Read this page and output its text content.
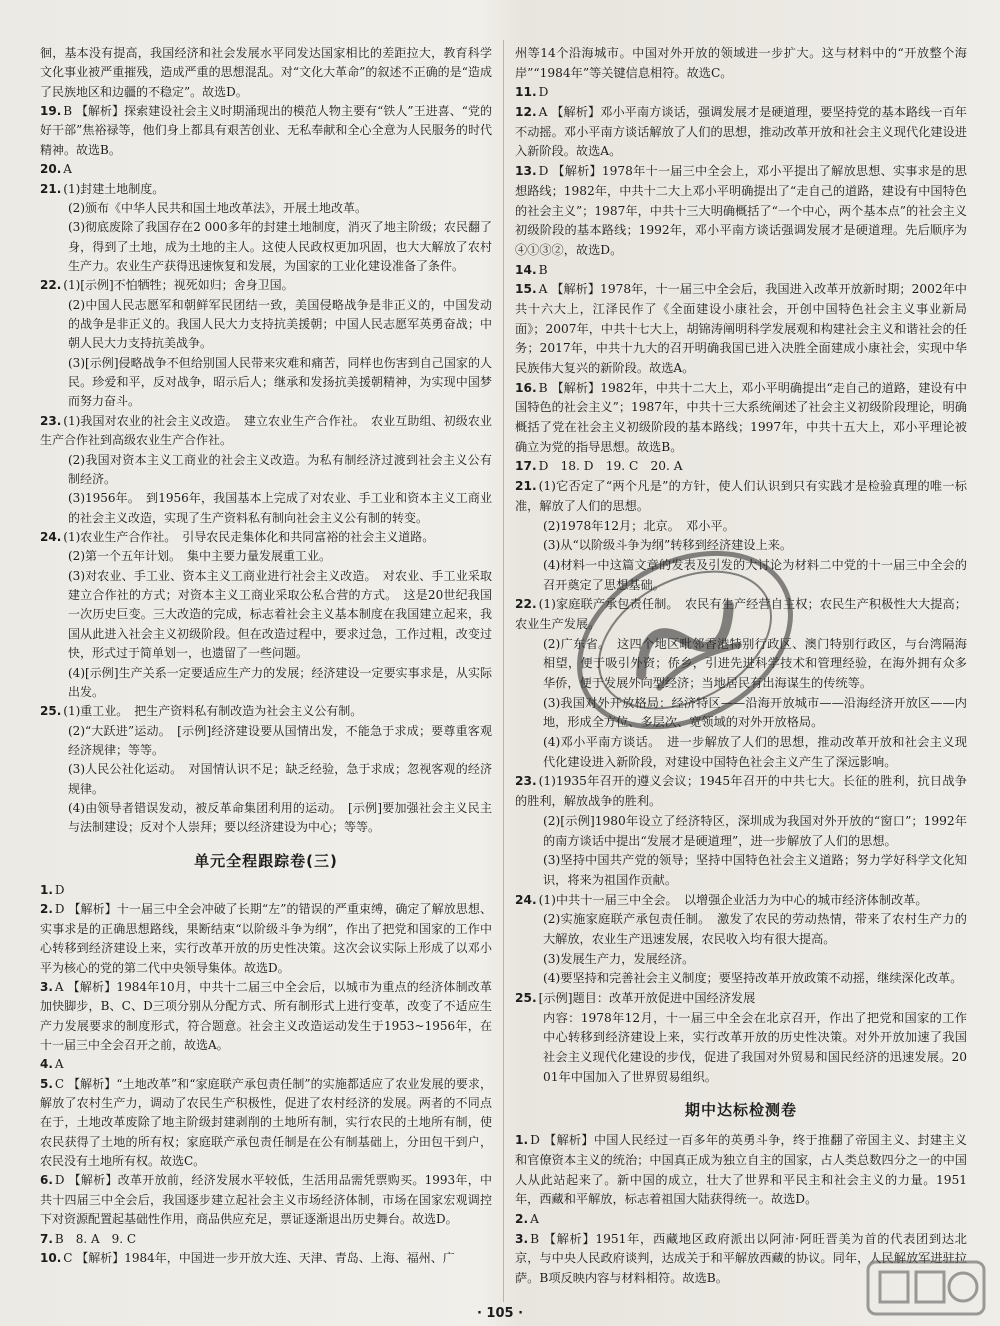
徊，基本没有提高，我国经济和社会发展水平同发达国家相比的差距拉大，教育科学文化事业被严重摧残，造成严重的思想混乱。对“文化大革命”的叙述不正确的是“造成了民族地区和边疆的不稳定”。故选D。

19. B 【解析】探索建设社会主义时期涌现出的模范人物主要有“铁人”王进喜、“党的好干部”焦裕禄等，他们身上都具有艰苦创业、无私奉献和全心全意为人民服务的时代精神。故选B。

20. A

21. (1)封建土地制度。

(2)颁布《中华人民共和国土地改革法》，开展土地改革。

(3)彻底废除了我国存在2 000多年的封建土地制度，消灭了地主阶级；农民翻了身，得到了土地，成为土地的主人。这使人民政权更加巩固，也大大解放了农村生产力。农业生产获得迅速恢复和发展，为国家的工业化建设准备了条件。

22. (1)[示例]不怕牺牲；视死如归；舍身卫国。

(2)中国人民志愿军和朝鲜军民团结一致，美国侵略战争是非正义的，中国发动的战争是非正义的。我国人民大力支持抗美援朝；中国人民志愿军英勇奋战；中朝人民大力支持抗美战争。

(3)[示例]侵略战争不但给别国人民带来灾难和痛苦，同样也伤害到自己国家的人民。珍爱和平，反对战争，昭示后人；继承和发扬抗美援朝精神，为实现中国梦而努力奋斗。

23. (1)我国对农业的社会主义改造。　建立农业生产合作社。　农业互助组、初级农业生产合作社到高级农业生产合作社。

(2)我国对资本主义工商业的社会主义改造。为私有制经济过渡到社会主义公有制经济。

(3)1956年。　到1956年，我国基本上完成了对农业、手工业和资本主义工商业的社会主义改造，实现了生产资料私有制向社会主义公有制的转变。

24. (1)农业生产合作社。　引导农民走集体化和共同富裕的社会主义道路。

(2)第一个五年计划。　集中主要力量发展重工业。

(3)对农业、手工业、资本主义工商业进行社会主义改造。　对农业、手工业采取建立合作社的方式；对资本主义工商业采取公私合营的方式。　这是20世纪我国一次历史巨变。三大改造的完成，标志着社会主义基本制度在我国建立起来，我国从此进入社会主义初级阶段。但在改造过程中，要求过急，工作过粗，改变过快，形式过于简单划一，也遗留了一些问题。

(4)[示例]生产关系一定要适应生产力的发展；经济建设一定要实事求是，从实际出发。

25. (1)重工业。　把生产资料私有制改造为社会主义公有制。

(2)“大跃进”运动。　[示例]经济建设要从国情出发，不能急于求成；要尊重客观经济规律；等等。

(3)人民公社化运动。　对国情认识不足；缺乏经验，急于求成；忽视客观的经济规律。

(4)由领导者错误发动，被反革命集团利用的运动。　[示例]要加强社会主义民主与法制建设；反对个人崇拜；要以经济建设为中心；等等。

单元全程跟踪卷(三)

1. D

2. D 【解析】十一届三中全会冲破了长期“左”的错误的严重束缚，确定了解放思想、实事求是的正确思想路线，果断结束“以阶级斗争为纲”，作出了把党和国家的工作中心转移到经济建设上来，实行改革开放的历史性决策。这次会议实际上形成了以邓小平为核心的党的第二代中央领导集体。故选D。

3. A 【解析】1984年10月，中共十二届三中全会后，以城市为重点的经济体制改革加快脚步，B、C、D三项分别从分配方式、所有制形式上进行变革，改变了不适应生产力发展要求的制度形式，符合题意。社会主义改造运动发生于1953~1956年，在十一届三中全会召开之前，故选A。

4. A

5. C 【解析】“土地改革”和“家庭联产承包责任制”的实施都适应了农业发展的要求，解放了农村生产力，调动了农民生产积极性，促进了农村经济的发展。两者的不同点在于，土地改革废除了地主阶级封建剥削的土地所有制，实行农民的土地所有制，使农民获得了土地的所有权；家庭联产承包责任制是在公有制基础上，分田包干到户，农民没有土地所有权。故选C。

6. D 【解析】改革开放前，经济发展水平较低，生活用品需凭票购买。1993年，中共十四届三中全会后，我国逐步建立起社会主义市场经济体制，市场在国家宏观调控下对资源配置起基础性作用，商品供应充足，票证逐渐退出历史舞台。故选D。

7. B　8. A　9. C

10. C 【解析】1984年，中国进一步开放大连、天津、青岛、上海、福州、广

州等14个沿海城市。中国对外开放的领域进一步扩大。这与材料中的“开放整个海岸”“1984年”等关键信息相符。故选C。

11. D

12. A 【解析】邓小平南方谈话，强调发展才是硬道理，要坚持党的基本路线一百年不动摇。邓小平南方谈话解放了人们的思想，推动改革开放和社会主义现代化建设进入新阶段。故选A。

13. D 【解析】1978年十一届三中全会上，邓小平提出了解放思想、实事求是的思想路线；1982年，中共十二大上邓小平明确提出了“走自己的道路，建设有中国特色的社会主义”；1987年，中共十三大明确概括了“一个中心，两个基本点”的社会主义初级阶段的基本路线；1992年，邓小平南方谈话强调发展才是硬道理。先后顺序为④①③②，故选D。

14. B

15. A 【解析】1978年，十一届三中全会后，我国进入改革开放新时期；2002年中共十六大上，江泽民作了《全面建设小康社会，开创中国特色社会主义事业新局面》；2007年，中共十七大上，胡锦涛阐明科学发展观和构建社会主义和谐社会的任务；2017年，中共十九大的召开明确我国已进入决胜全面建成小康社会，实现中华民族伟大复兴的新阶段。故选A。

16. B 【解析】1982年，中共十二大上，邓小平明确提出“走自己的道路，建设有中国特色的社会主义”；1987年，中共十三大系统阐述了社会主义初级阶段理论，明确概括了党在社会主义初级阶段的基本路线；1997年，中共十五大上，邓小平理论被确立为党的指导思想。故选B。

17. D　18. D　19. C　20. A

21. (1)它否定了“两个凡是”的方针，使人们认识到只有实践才是检验真理的唯一标准，解放了人们的思想。

(2)1978年12月；北京。　邓小平。

(3)从“以阶级斗争为纲”转移到经济建设上来。

(4)材料一中这篇文章的发表及引发的大讨论为材料二中党的十一届三中全会的召开奠定了思想基础。

22. (1)家庭联产承包责任制。　农民有生产经营自主权；农民生产积极性大大提高；农业生产发展。

(2)广东省。　这四个地区毗邻香港特别行政区、澳门特别行政区，与台湾隔海相望，便于吸引外资；侨乡，引进先进科学技术和管理经验，在海外拥有众多华侨，便于发展外向型经济；当地居民有出海谋生的传统等。

(3)我国对外开放格局：经济特区——沿海开放城市——沿海经济开放区——内地，形成全方位、多层次、宽领域的对外开放格局。

(4)邓小平南方谈话。　进一步解放了人们的思想，推动改革开放和社会主义现代化建设进入新阶段，对建设中国特色社会主义产生了深远影响。

23. (1)1935年召开的遵义会议；1945年召开的中共七大。长征的胜利，抗日战争的胜利，解放战争的胜利。

(2)[示例]1980年设立了经济特区，深圳成为我国对外开放的“窗口”；1992年的南方谈话中提出“发展才是硬道理”，进一步解放了人们的思想。

(3)坚持中国共产党的领导；坚持中国特色社会主义道路；努力学好科学文化知识，将来为祖国作贡献。

24. (1)中共十一届三中全会。　以增强企业活力为中心的城市经济体制改革。

(2)实施家庭联产承包责任制。　激发了农民的劳动热情，带来了农村生产力的大解放，农业生产迅速发展，农民收入均有很大提高。

(3)发展生产力，发展经济。

(4)要坚持和完善社会主义制度；要坚持改革开放政策不动摇，继续深化改革。

25. [示例]题目：改革开放促进中国经济发展

内容：1978年12月，十一届三中全会在北京召开，作出了把党和国家的工作中心转移到经济建设上来，实行改革开放的历史性决策。对外开放加速了我国社会主义现代化建设的步伐，促进了我国对外贸易和国民经济的迅速发展。2001年中国加入了世界贸易组织。

期中达标检测卷

1. D 【解析】中国人民经过一百多年的英勇斗争，终于推翻了帝国主义、封建主义和官僚资本主义的统治；中国真正成为独立自主的国家，占人类总数四分之一的中国人从此站起来了。新中国的成立，壮大了世界和平民主和社会主义的力量。1951年，西藏和平解放，标志着祖国大陆获得统一。故选D。

2. A

3. B 【解析】1951年，西藏地区政府派出以阿沛·阿旺晋美为首的代表团到达北京，与中央人民政府谈判，达成关于和平解放西藏的协议。同年，人民解放军进驻拉萨。B项反映内容与材料相符。故选B。

· 105 ·
